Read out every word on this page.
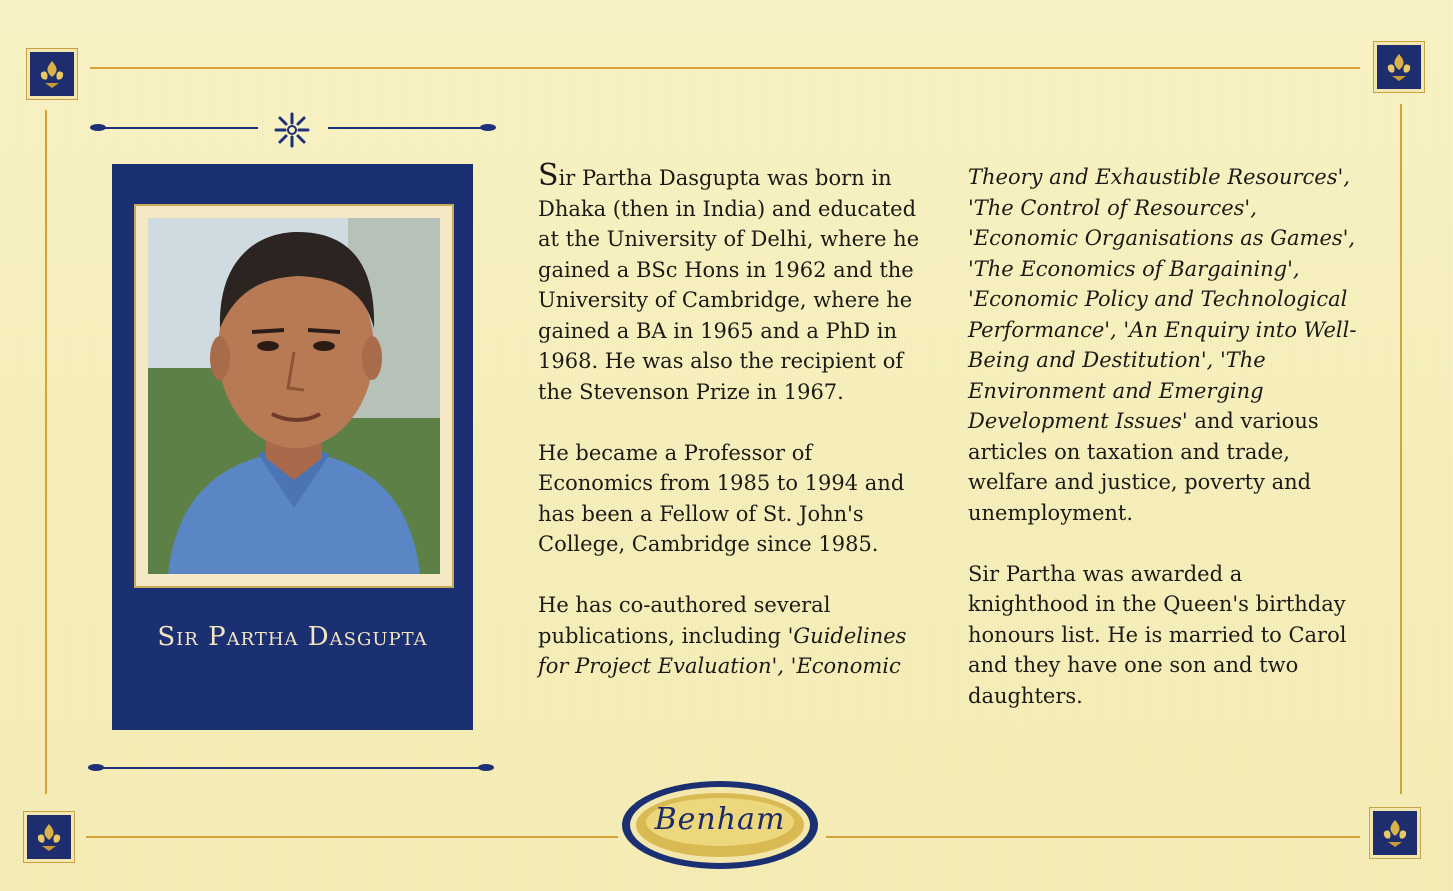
Sir Partha Dasgupta

Sir Partha Dasgupta was born in Dhaka (then in India) and educated at the University of Delhi, where he gained a BSc Hons in 1962 and the University of Cambridge, where he gained a BA in 1965 and a PhD in 1968. He was also the recipient of the Stevenson Prize in 1967.

He became a Professor of Economics from 1985 to 1994 and has been a Fellow of St. John's College, Cambridge since 1985.

He has co-authored several publications, including 'Guidelines for Project Evaluation', 'Economic

Theory and Exhaustible Resources', 'The Control of Resources', 'Economic Organisations as Games', 'The Economics of Bargaining', 'Economic Policy and Technological Performance', 'An Enquiry into Well-Being and Destitution', 'The Environment and Emerging Development Issues' and various articles on taxation and trade, welfare and justice, poverty and unemployment.

Sir Partha was awarded a knighthood in the Queen's birthday honours list. He is married to Carol and they have one son and two daughters.

Benham
